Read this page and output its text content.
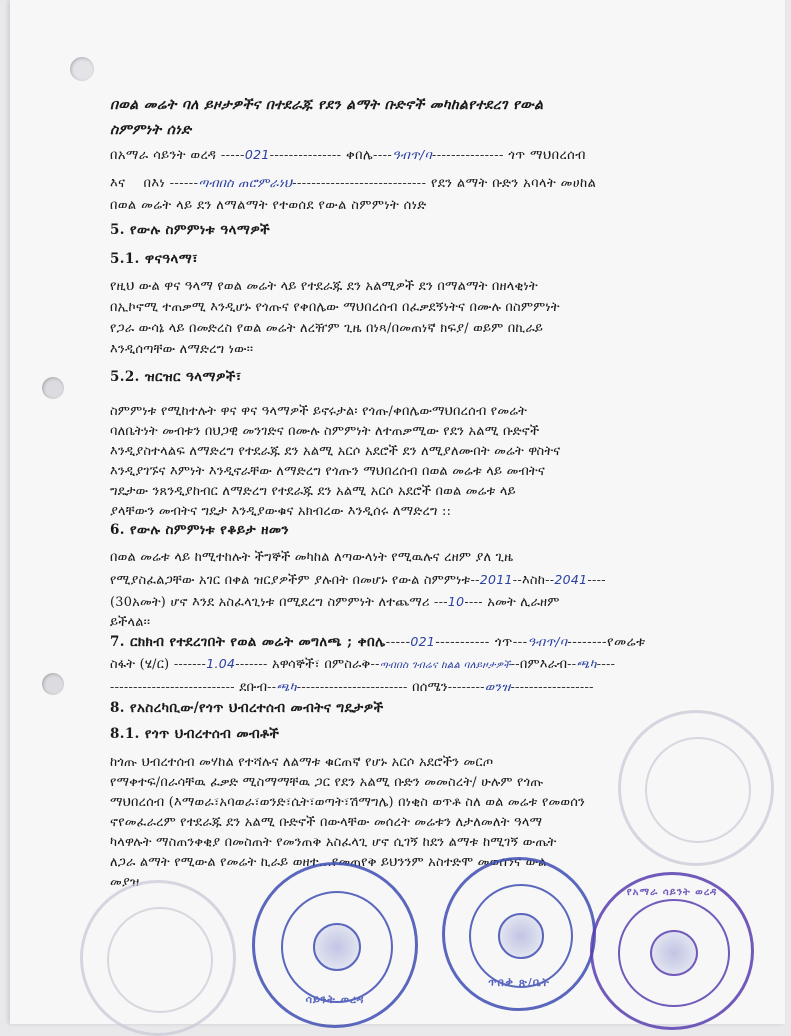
በወል መሬት ባለ ይዞታዎችና በተደራጁ የደን ልማት ቡድኖች መካከልየተደረገ የውል
ስምምነት ሰነድ
በአማራ ሳይንት ወረዳ -----021--------------- ቀበሌ----ዓብጥ/ባ--------------- ጎጥ ማህበረሰብ
እና በእነ ------ጣብበስ ጠሮምራነህ---------------------------- የደን ልማት ቡድን አባላት መሀከል
በወል መሬት ላይ ደን ለማልማት የተወሰደ የውል ስምምነት ሰነድ
5. የውሉ ስምምነቱ ዓላማዎች
5.1. ዋናዓላማ፣
የዚህ ውል ዋና ዓላማ የወል መሬት ላይ የተደራጁ ደን አልሚዎች ደን በማልማት በዘላቂነት
በኢኮኖሚ ተጠቃሚ እንዲሆኑ የጎጡና የቀበሌው ማህበረሰብ በፈቃደኝነትና በሙሉ በስምምነት
የጋራ ውሳኔ ላይ በመድረስ የወል መሬት ለረዥም ጊዜ በነጻ/በመጠነኛ ክፍያ/ ወይም በኪራይ
እንዲሰጣቸው ለማድረግ ነው፡፡
5.2. ዝርዝር ዓላማዎች፣
ስምምነቱ የሚከተሉት ዋና ዋና ዓላማዎች ይኖሩታል፡ የጎጡ/ቀበሌውማህበረሰብ የመሬት
ባለቤትነት መብቱን በህጋዊ መንገድና በሙሉ ስምምነት ለተጠቃሚው የደን አልሚ ቡድኖች
እንዲያስተላልፍ ለማድረግ የተደራጁ ደን አልሚ አርሶ አደሮች ደን ለሚያለሙበት መሬት ዋስትና
እንዲያገኙና እምነት እንዲኖራቸው ለማድረግ የጎጡን ማህበረሰብ በወል መሬቱ ላይ መብትና
ግዴታው ንጸንዲያከብር ለማድረግ የተደራጁ ደን አልሚ አርሶ አደሮች በወል መሬቱ ላይ
ያላቸውን መብትና ግዴታ እንዲያውቁና አክብረው እንዲሰሩ ለማድረግ ::
6. የውሉ ስምምነቱ የቆይታ ዘመን
በወል መሬቱ ላይ ከሚተከሉት ችግኞች መካከል ለጣውላነት የሚዉሉና ረዘም ያለ ጊዜ
የሚያስፈልጋቸው አገር በቀል ዝርያዎችም ያሉበት በመሆኑ የውል ስምምነቱ--2011--እስከ--2041----
(30አመት) ሆኖ እንደ አስፈላጊነቱ በሚደረግ ስምምነት ለተጨማሪ ---10---- አመት ሊራዘም
ይችላል፡፡
7. ርክክብ የተደረገበት የወል መሬት መግለጫ ; ቀበሌ-----021----------- ጎጥ---ዓብጥ/ባ--------የመሬቱ
ስፋት (ሄ/ር) -------1.04------- አዋሳኞች፣ በምስራቅ--ጣብበስ ገብሬና ከልል ባለይዞታዎች--በምእራብ--ጫካ----
--------------------------- ደቡብ--ጫካ------------------------ በሰሜን--------ወንዝ------------------
8. የአስረካቢው/የጎጥ ህብረተሰብ መብትና ግዴታዎች
8.1. የጎጥ ህብረተሰብ መብቶች
ከጎጡ ህብረተሰብ መሃከል የተሻሉና ለልማቱ ቁርጠኛ የሆኑ አርሶ አደሮችን መርጦ
የማቀተፍ/በራሳቸዉ ፈቃድ ሚስማማቸዉ ጋር የደን አልሚ ቡድን መመስረት/ ሁሉም የጎጡ
ማህበረሰብ (እማወራ፣አባወራ፣ወንድ፣ሴት፣ወጣት፣ሽማግሌ) በነቂስ ወጥቶ ስለ ወል መሬቱ የመወሰን
ኖየመፈራረም የተደራጁ ደን አልሚ ቡድኖች በውላቸው መሰረት መሬቱን ለታለመለት ዓላማ
ካላዋሉት ማስጠንቀቂያ በመስጠት የመንጠቅ አስፈላጊ ሆኖ ሲገኝ ከደን ልማቱ ከሚገኝ ውጤት
ለጋራ ልማት የሚውል የመሬት ኪራይ ወዘተ...የመጠየቅ ይህንንም አስተድሞ መወሰንና ውል
መያዝ
ሳይንት ወረዳ
ጥበቃ ጽ/ቤት
የአማራ ሳይንት ወረዳ
